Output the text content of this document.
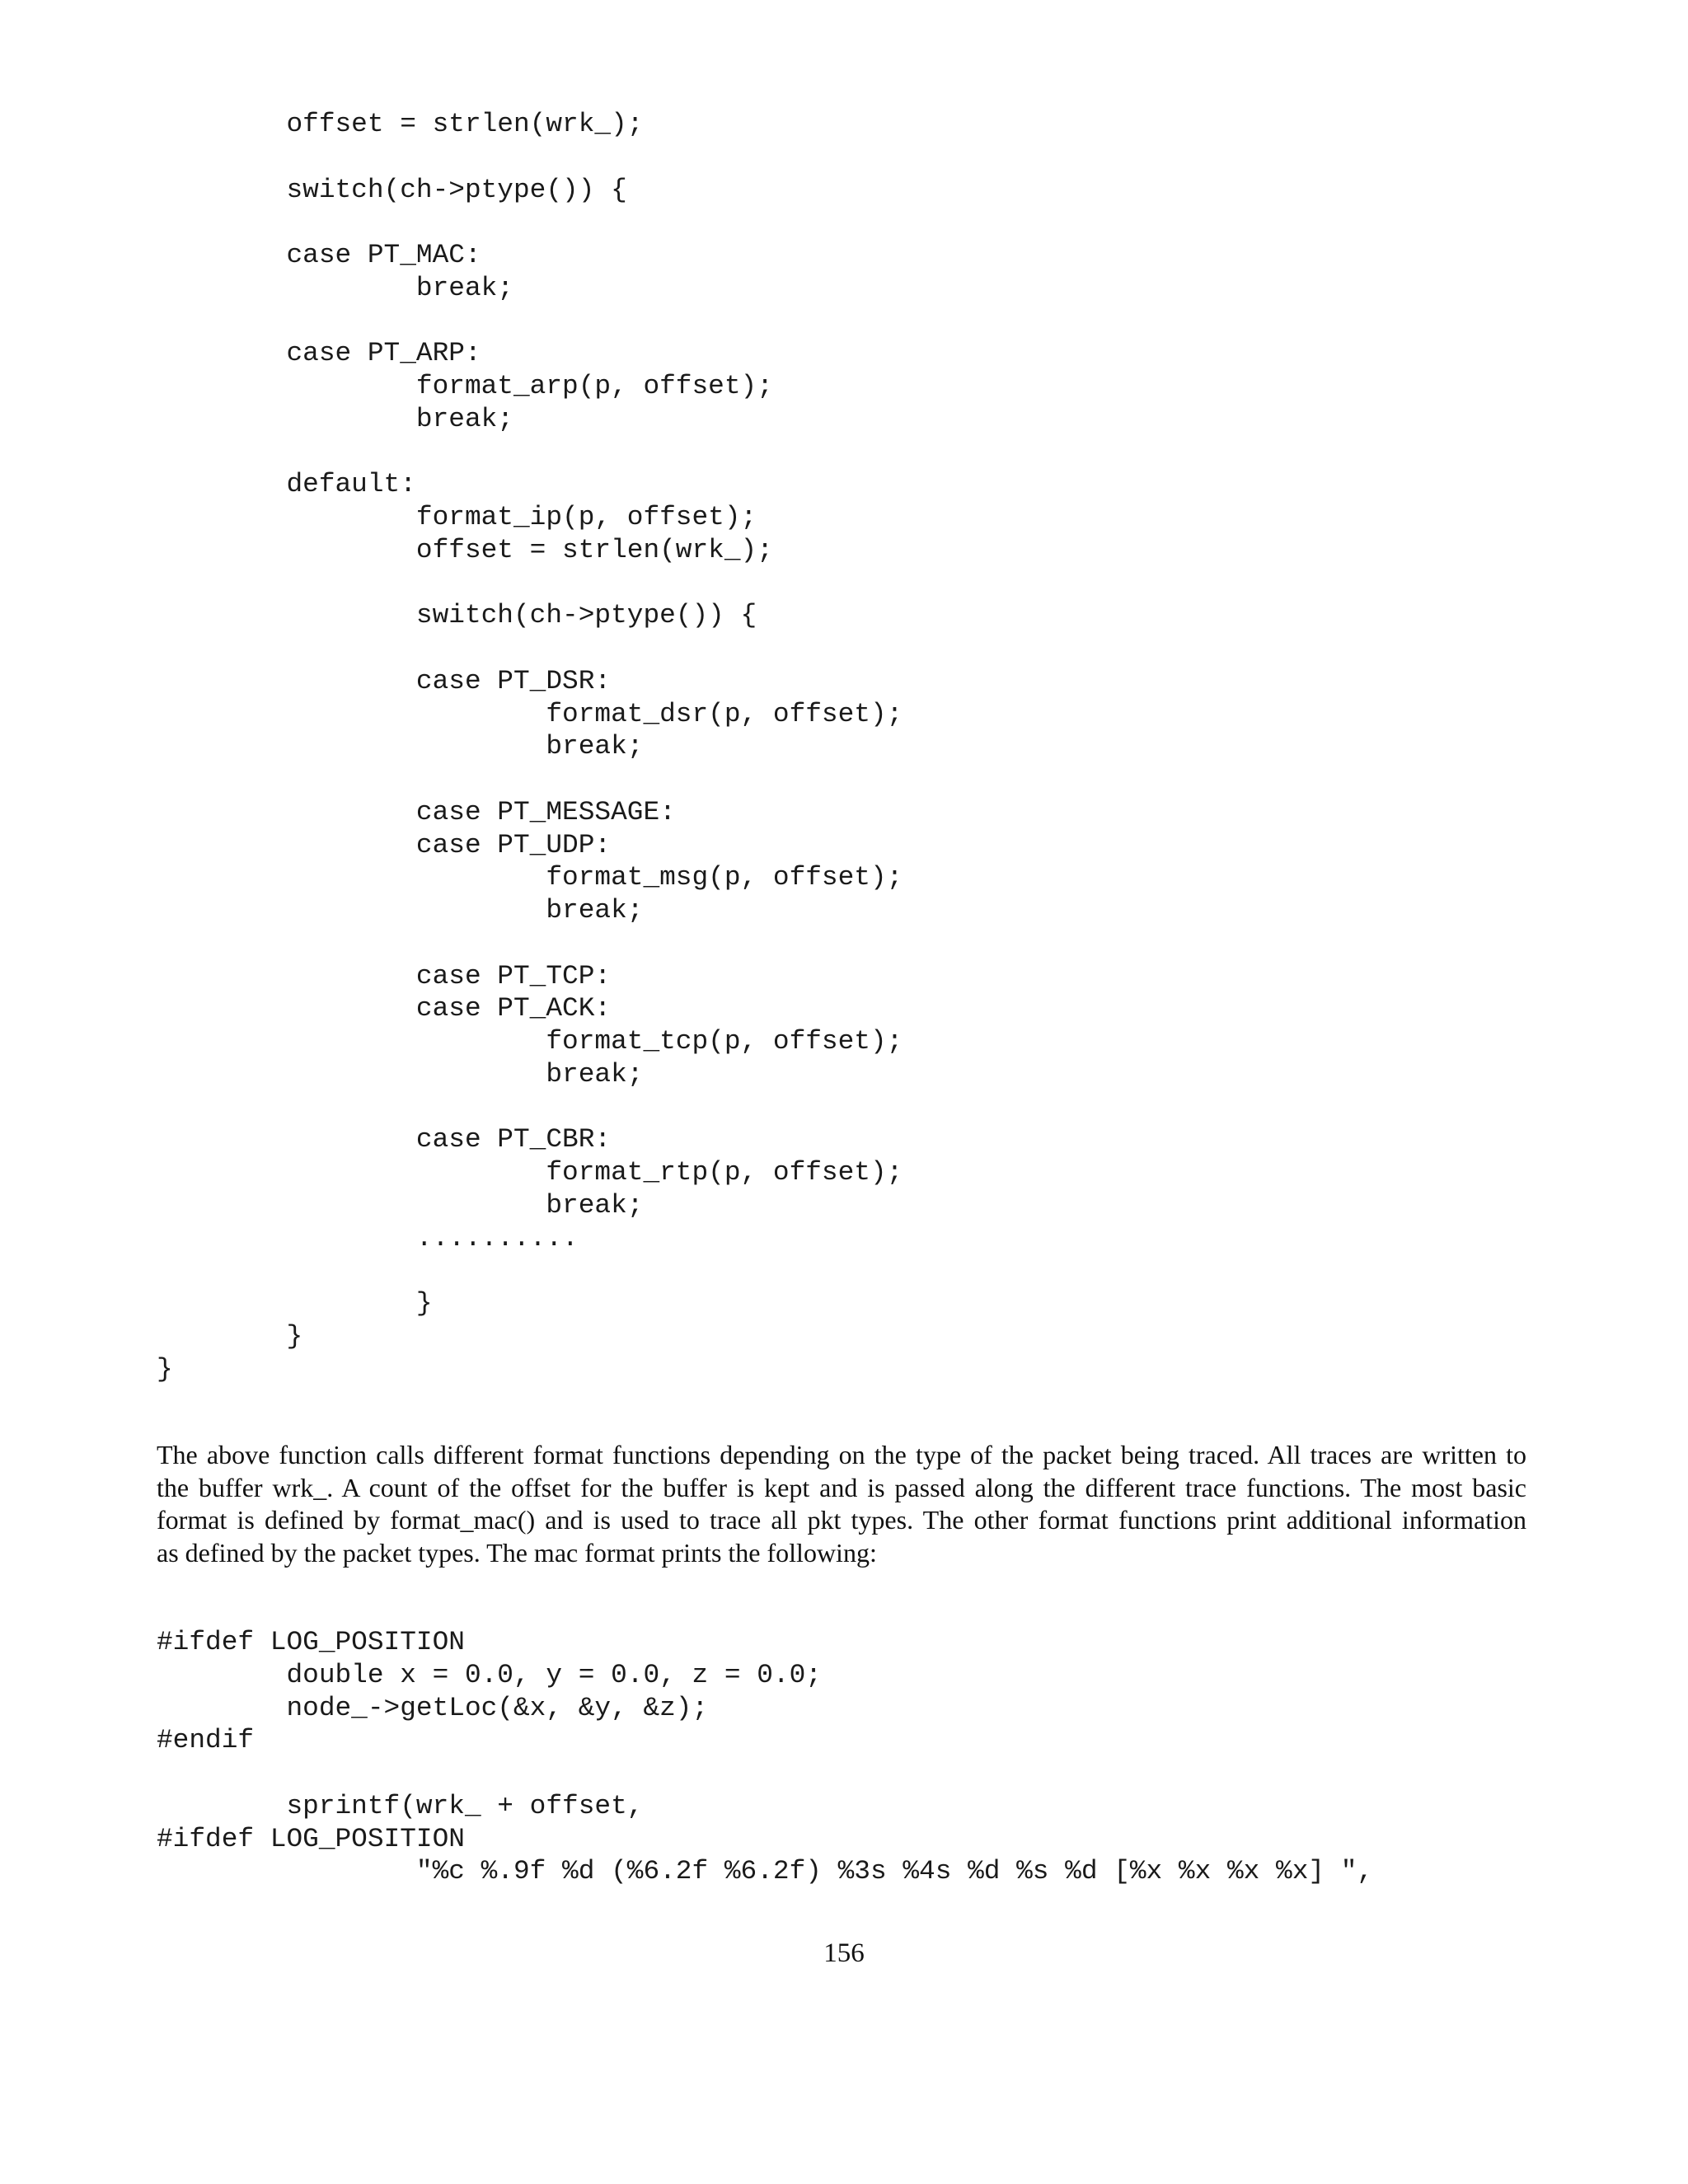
offset = strlen(wrk_);
switch(ch->ptype()) {
case PT_MAC:
break;
case PT_ARP:
format_arp(p, offset);
break;
default:
format_ip(p, offset);
offset = strlen(wrk_);
switch(ch->ptype()) {
case PT_DSR:
format_dsr(p, offset);
break;
case PT_MESSAGE:
case PT_UDP:
format_msg(p, offset);
break;
case PT_TCP:
case PT_ACK:
format_tcp(p, offset);
break;
case PT_CBR:
format_rtp(p, offset);
break;
..........
}
}
}
The above function calls different format functions depending on the type of the packet being traced. All traces are written to
the buffer wrk_. A count of the offset for the buffer is kept and is passed along the different trace functions. The most basic
format is defined by format_mac() and is used to trace all pkt types. The other format functions print additional information
as defined by the packet types. The mac format prints the following:
#ifdef LOG_POSITION
double x = 0.0, y = 0.0, z = 0.0;
node_->getLoc(&x, &y, &z);
#endif
sprintf(wrk_ + offset,
#ifdef LOG_POSITION
"%c %.9f %d (%6.2f %6.2f) %3s %4s %d %s %d [%x %x %x %x] ",
156
